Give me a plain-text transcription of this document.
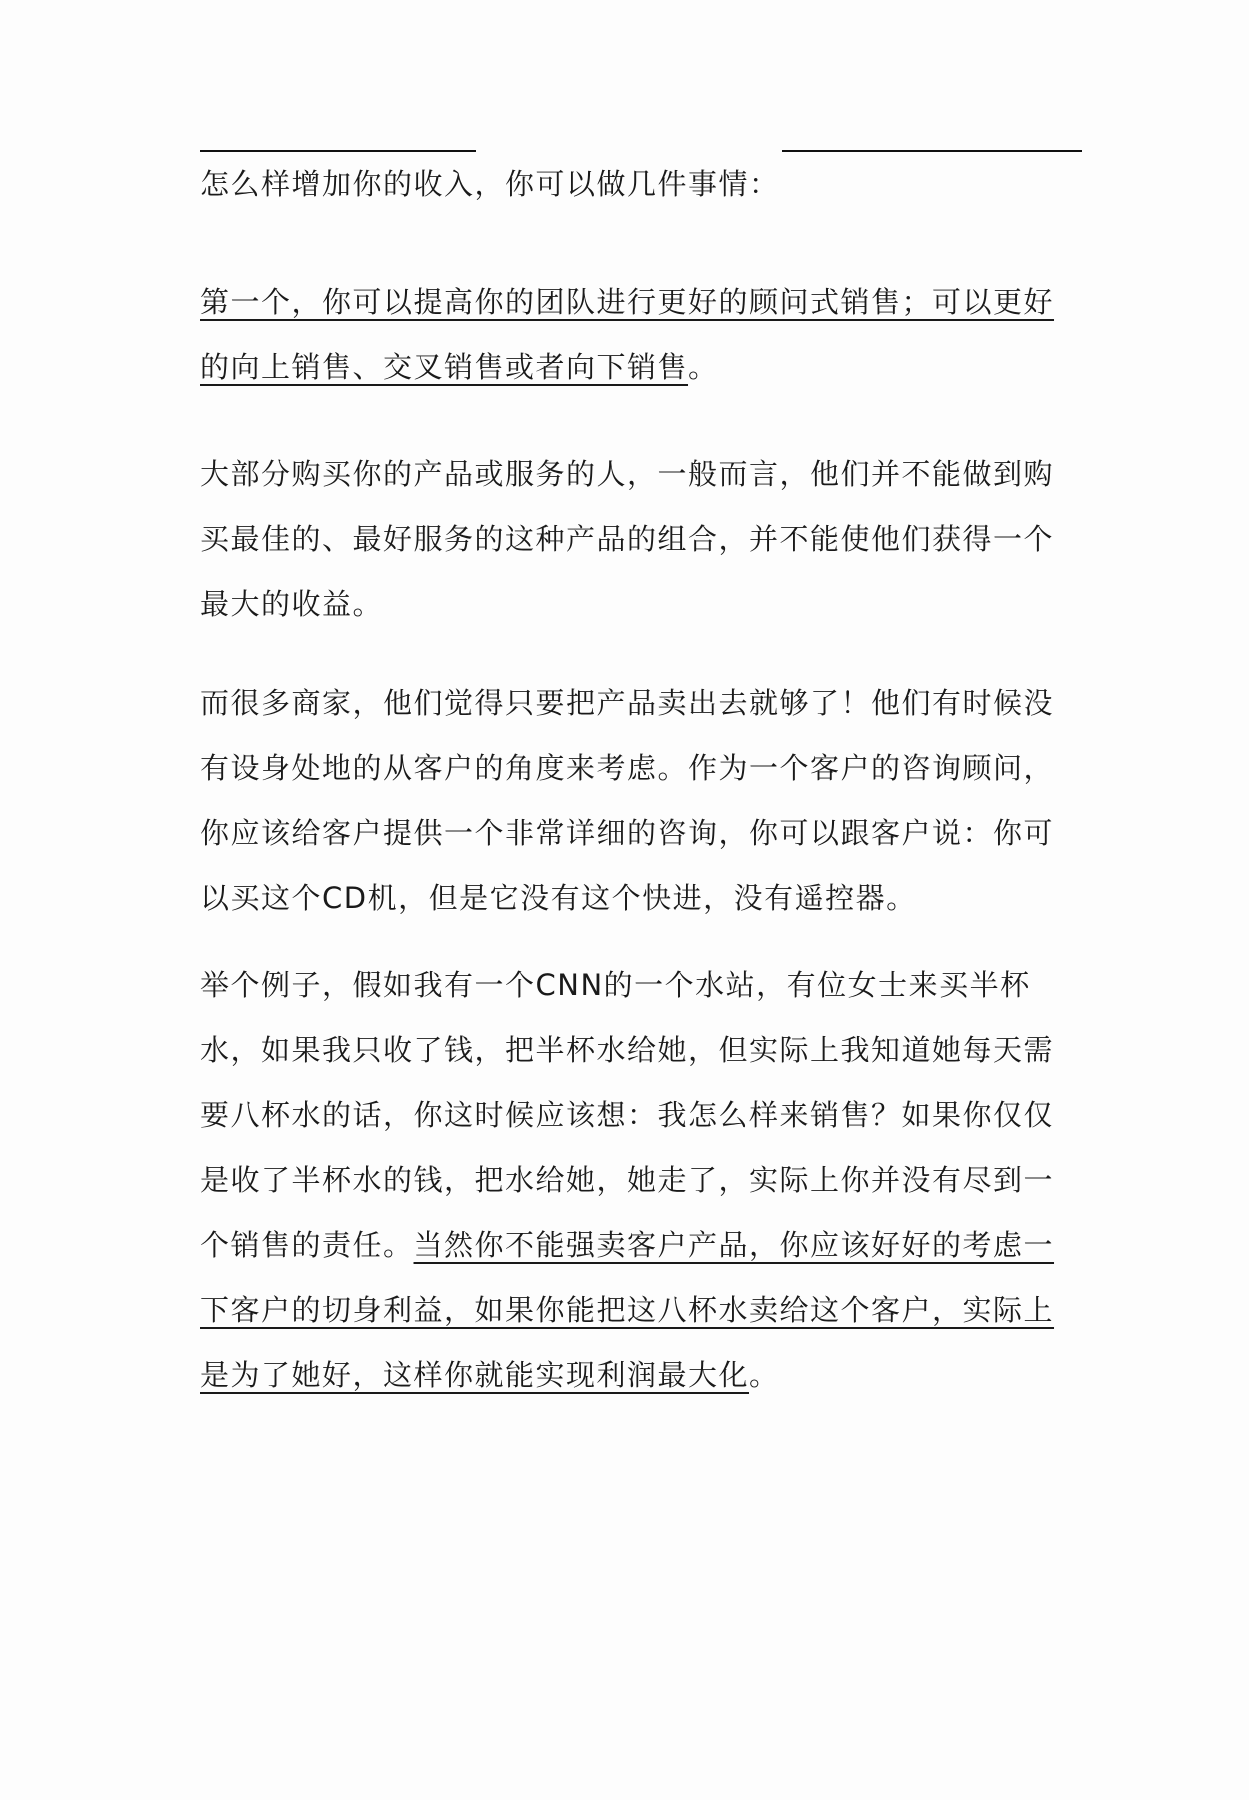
怎么样增加你的收入，你可以做几件事情：

第一个，你可以提高你的团队进行更好的顾问式销售；可以更好的向上销售、交叉销售或者向下销售。

大部分购买你的产品或服务的人，一般而言，他们并不能做到购买最佳的、最好服务的这种产品的组合，并不能使他们获得一个最大的收益。

而很多商家，他们觉得只要把产品卖出去就够了！他们有时候没有设身处地的从客户的角度来考虑。作为一个客户的咨询顾问，你应该给客户提供一个非常详细的咨询，你可以跟客户说：你可以买这个CD机，但是它没有这个快进，没有遥控器。

举个例子，假如我有一个CNN的一个水站，有位女士来买半杯水，如果我只收了钱，把半杯水给她，但实际上我知道她每天需要八杯水的话，你这时候应该想：我怎么样来销售？如果你仅仅是收了半杯水的钱，把水给她，她走了，实际上你并没有尽到一个销售的责任。当然你不能强卖客户产品，你应该好好的考虑一下客户的切身利益，如果你能把这八杯水卖给这个客户，实际上是为了她好，这样你就能实现利润最大化。
